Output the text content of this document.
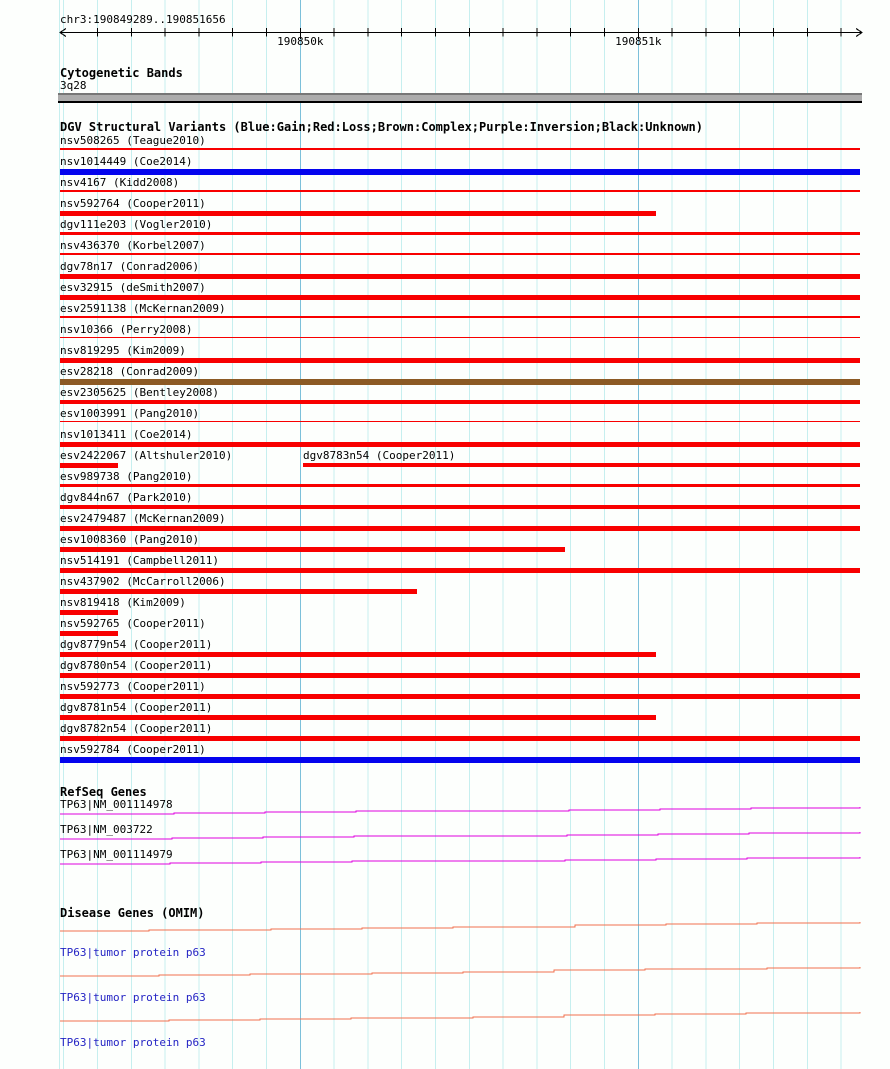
chr3:190849289..190851656
190850k	190851k
Cytogenetic Bands
3q28
DGV Structural Variants (Blue:Gain;Red:Loss;Brown:Complex;Purple:Inversion;Black:Unknown)
nsv508265 (Teague2010)
nsv1014449 (Coe2014)
nsv4167 (Kidd2008)
nsv592764 (Cooper2011)
dgv111e203 (Vogler2010)
nsv436370 (Korbel2007)
dgv78n17 (Conrad2006)
esv32915 (deSmith2007)
esv2591138 (McKernan2009)
nsv10366 (Perry2008)
nsv819295 (Kim2009)
esv28218 (Conrad2009)
esv2305625 (Bentley2008)
esv1003991 (Pang2010)
nsv1013411 (Coe2014)
esv2422067 (Altshuler2010)	dgv8783n54 (Cooper2011)
esv989738 (Pang2010)
dgv844n67 (Park2010)
esv2479487 (McKernan2009)
esv1008360 (Pang2010)
nsv514191 (Campbell2011)
nsv437902 (McCarroll2006)
nsv819418 (Kim2009)
nsv592765 (Cooper2011)
dgv8779n54 (Cooper2011)
dgv8780n54 (Cooper2011)
nsv592773 (Cooper2011)
dgv8781n54 (Cooper2011)
dgv8782n54 (Cooper2011)
nsv592784 (Cooper2011)
RefSeq Genes
TP63|NM_001114978
TP63|NM_003722
TP63|NM_001114979
Disease Genes (OMIM)
TP63|tumor protein p63
TP63|tumor protein p63
TP63|tumor protein p63
